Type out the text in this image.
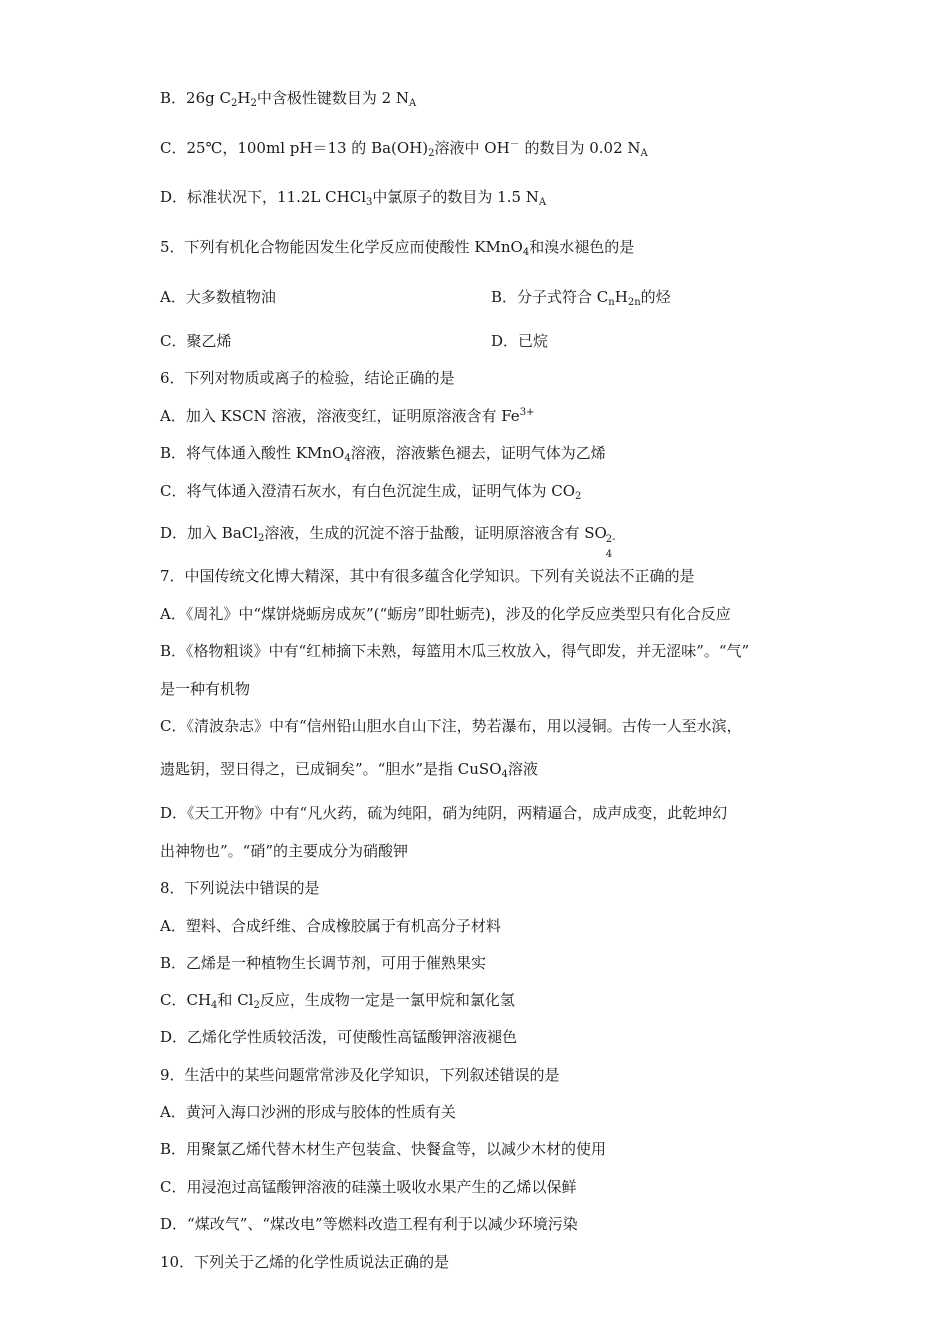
B．26g $C_2H_2$中含极性键数目为 2 $N_A$
C．25℃，100ml pH＝13 的 $Ba(OH)_2$溶液中 OH－ 的数目为 0.02 $N_A$
D．标准状况下，11.2L CHCl$_3$中氯原子的数目为 1.5 $N_A$
5．下列有机化合物能因发生化学反应而使酸性 KMnO$_4$和溴水褪色的是
A．大多数植物油	B．分子式符合 $C_nH_{2n}$的烃
C．聚乙烯	D．已烷
6．下列对物质或离子的检验，结论正确的是
A．加入 KSCN 溶液，溶液变红，证明原溶液含有 $Fe^{3+}$
B．将气体通入酸性 KMnO$_4$溶液，溶液紫色褪去，证明气体为乙烯
C．将气体通入澄清石灰水，有白色沉淀生成，证明气体为 $CO_2$
D．加入 BaCl$_2$溶液，生成的沉淀不溶于盐酸，证明原溶液含有 SO 2-
4
7．中国传统文化博大精深，其中有很多蕴含化学知识。下列有关说法不正确的是
A．《周礼》中“煤饼烧蛎房成灰”(“蛎房”即牡蛎壳)，涉及的化学反应类型只有化合反应
B．《格物粗谈》中有“红柿摘下未熟，每篮用木瓜三枚放入，得气即发，并无涩味”。“气”
是一种有机物
C．《清波杂志》中有“信州铅山胆水自山下注，势若瀑布，用以浸铜。古传一人至水滨，
遗匙钥，翌日得之，已成铜矣”。“胆水”是指 CuSO$_4$溶液
D．《天工开物》中有“凡火药，硫为纯阳，硝为纯阴，两精逼合，成声成变，此乾坤幻
出神物也”。“硝”的主要成分为硝酸钾
8．下列说法中错误的是
A．塑料、合成纤维、合成橡胶属于有机高分子材料
B．乙烯是一种植物生长调节剂，可用于催熟果实
C．$CH_4$和 $Cl_2$反应，生成物一定是一氯甲烷和氯化氢
D．乙烯化学性质较活泼，可使酸性高锰酸钾溶液褪色
9．生活中的某些问题常常涉及化学知识，下列叙述错误的是
A．黄河入海口沙洲的形成与胶体的性质有关
B．用聚氯乙烯代替木材生产包装盒、快餐盒等，以减少木材的使用
C．用浸泡过高锰酸钾溶液的硅藻土吸收水果产生的乙烯以保鲜
D．“煤改气”、“煤改电”等燃料改造工程有利于以减少环境污染
10．下列关于乙烯的化学性质说法正确的是
